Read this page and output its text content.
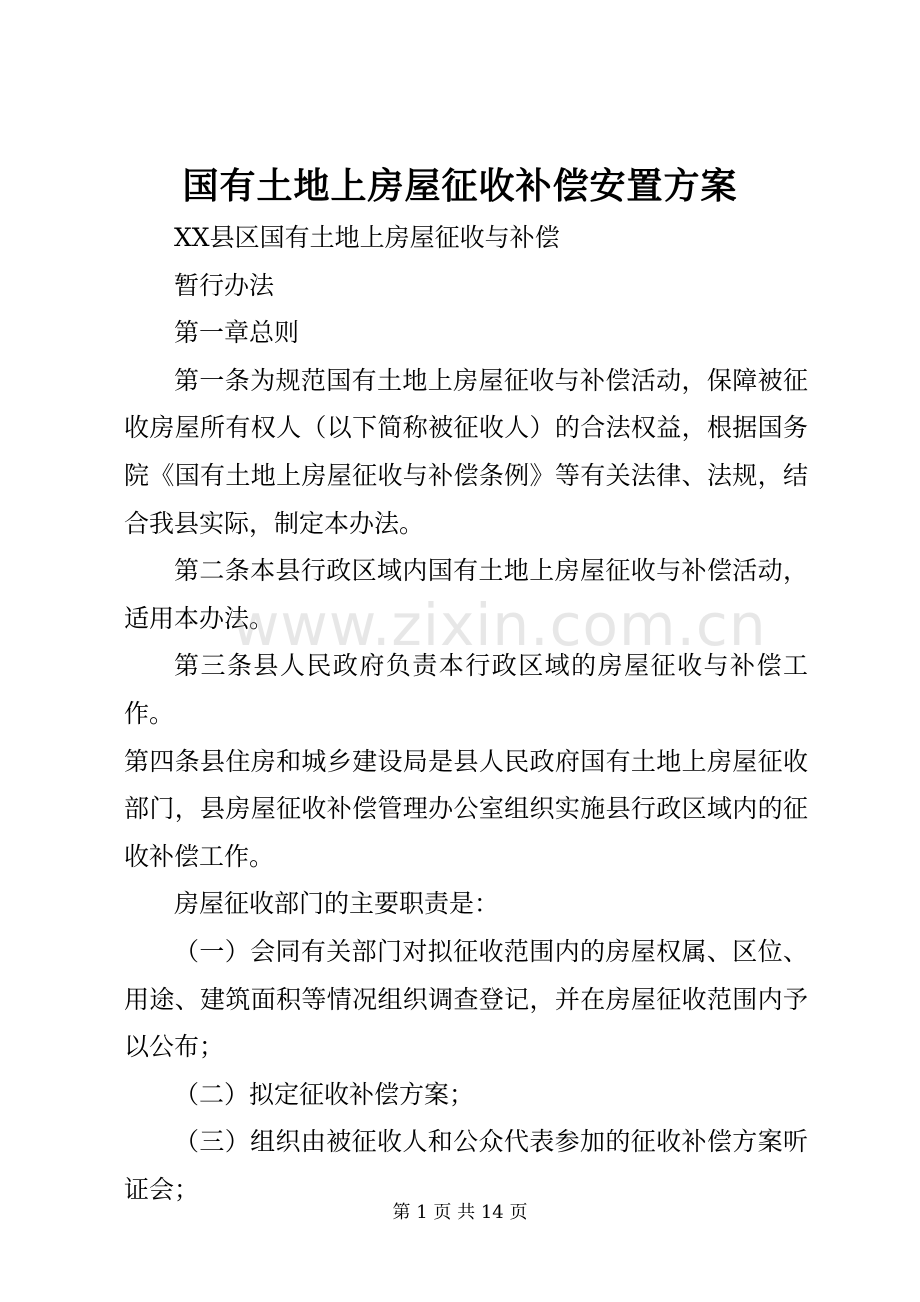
国有土地上房屋征收补偿安置方案

XX县区国有土地上房屋征收与补偿

暂行办法

第一章总则

第一条为规范国有土地上房屋征收与补偿活动，保障被征收房屋所有权人（以下简称被征收人）的合法权益，根据国务院《国有土地上房屋征收与补偿条例》等有关法律、法规，结合我县实际，制定本办法。

第二条本县行政区域内国有土地上房屋征收与补偿活动，适用本办法。

第三条县人民政府负责本行政区域的房屋征收与补偿工作。

第四条县住房和城乡建设局是县人民政府国有土地上房屋征收部门，县房屋征收补偿管理办公室组织实施县行政区域内的征收补偿工作。

房屋征收部门的主要职责是：

（一）会同有关部门对拟征收范围内的房屋权属、区位、用途、建筑面积等情况组织调查登记，并在房屋征收范围内予以公布；

（二）拟定征收补偿方案；

（三）组织由被征收人和公众代表参加的征收补偿方案听证会；

www.zixin.com.cn
第 1 页 共 14 页
